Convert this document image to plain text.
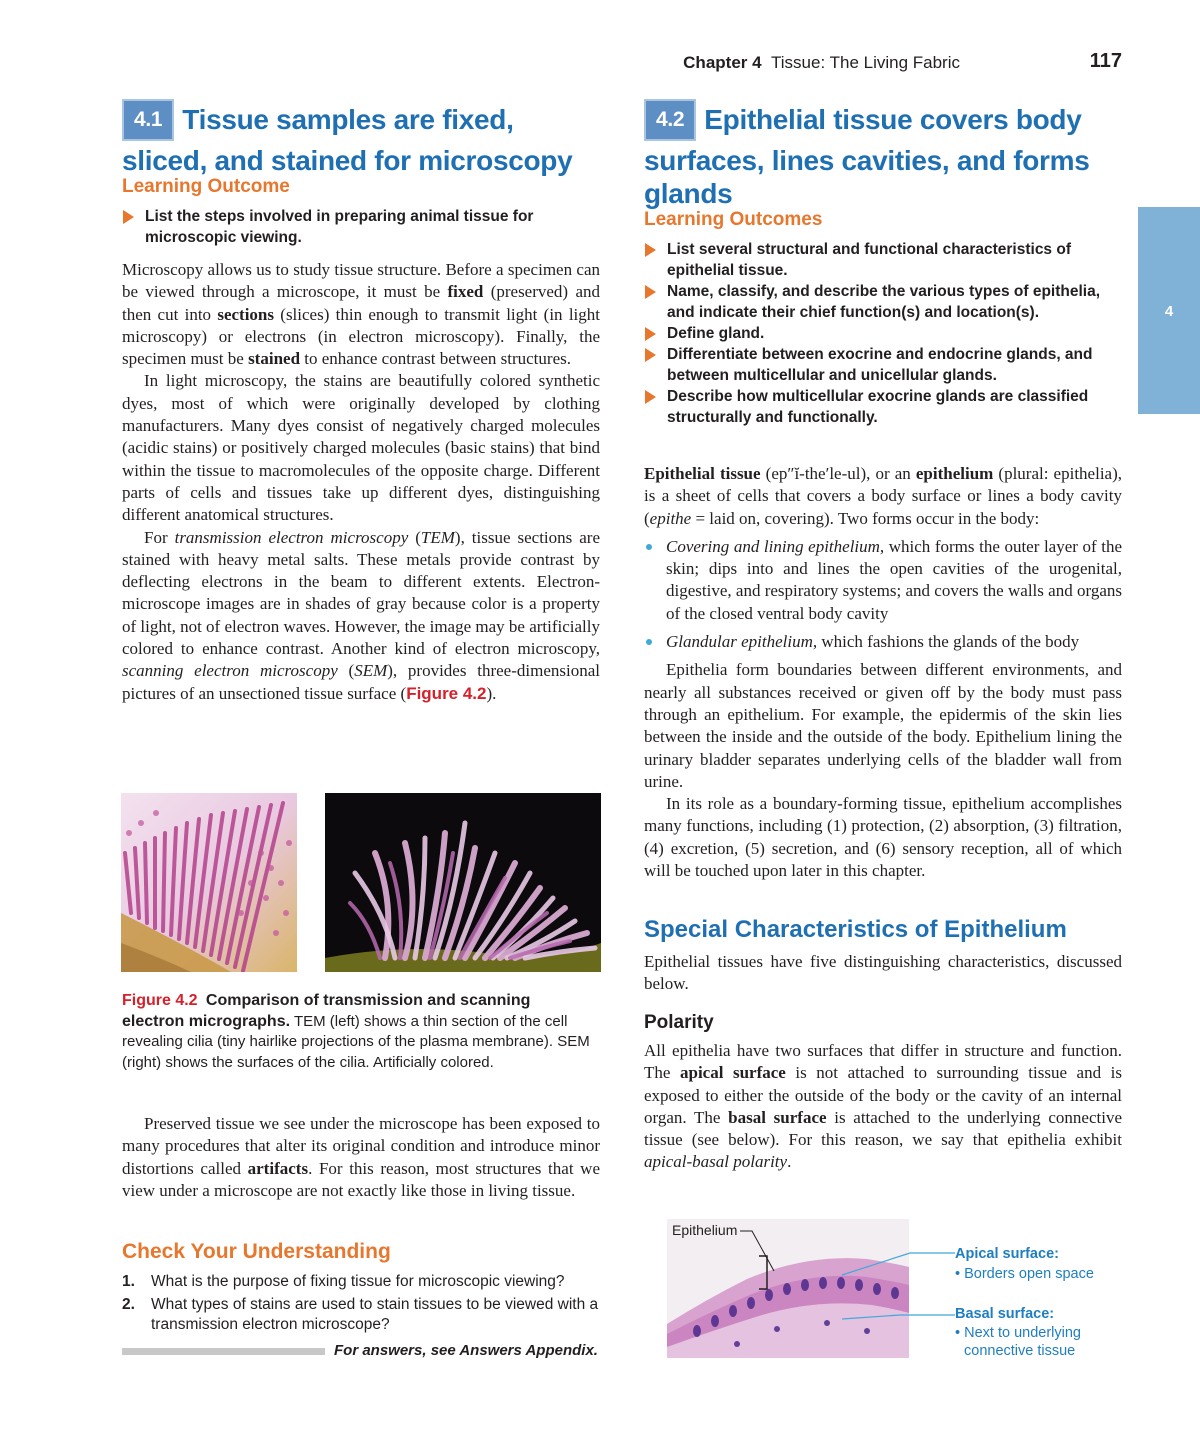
Chapter 4 Tissue: The Living Fabric	117
4
4.1 Tissue samples are fixed, sliced, and stained for microscopy
Learning Outcome
List the steps involved in preparing animal tissue for microscopic viewing.

Microscopy allows us to study tissue structure. Before a specimen can be viewed through a microscope, it must be fixed (preserved) and then cut into sections (slices) thin enough to transmit light (in light microscopy) or electrons (in electron microscopy). Finally, the specimen must be stained to enhance contrast between structures.

In light microscopy, the stains are beautifully colored synthetic dyes, most of which were originally developed by clothing manufacturers. Many dyes consist of negatively charged molecules (acidic stains) or positively charged molecules (basic stains) that bind within the tissue to macromolecules of the opposite charge. Different parts of cells and tissues take up different dyes, distinguishing different anatomical structures.

For transmission electron microscopy (TEM), tissue sections are stained with heavy metal salts. These metals provide contrast by deflecting electrons in the beam to different extents. Electron-microscope images are in shades of gray because color is a property of light, not of electron waves. However, the image may be artificially colored to enhance contrast. Another kind of electron microscopy, scanning electron microscopy (SEM), provides three-dimensional pictures of an unsectioned tissue surface (Figure 4.2).

Figure 4.2 Comparison of transmission and scanning electron micrographs. TEM (left) shows a thin section of the cell revealing cilia (tiny hairlike projections of the plasma membrane). SEM (right) shows the surfaces of the cilia. Artificially colored.

Preserved tissue we see under the microscope has been exposed to many procedures that alter its original condition and introduce minor distortions called artifacts. For this reason, most structures that we view under a microscope are not exactly like those in living tissue.

Check Your Understanding
1. What is the purpose of fixing tissue for microscopic viewing?
2. What types of stains are used to stain tissues to be viewed with a transmission electron microscope?
For answers, see Answers Appendix.
4.2 Epithelial tissue covers body surfaces, lines cavities, and forms glands
Learning Outcomes
List several structural and functional characteristics of epithelial tissue.
Name, classify, and describe the various types of epithelia, and indicate their chief function(s) and location(s).
Define gland.
Differentiate between exocrine and endocrine glands, and between multicellular and unicellular glands.
Describe how multicellular exocrine glands are classified structurally and functionally.

Epithelial tissue (ep″ĭ-the′le-ul), or an epithelium (plural: epithelia), is a sheet of cells that covers a body surface or lines a body cavity (epithe = laid on, covering). Two forms occur in the body:

Covering and lining epithelium, which forms the outer layer of the skin; dips into and lines the open cavities of the urogenital, digestive, and respiratory systems; and covers the walls and organs of the closed ventral body cavity

Glandular epithelium, which fashions the glands of the body

Epithelia form boundaries between different environments, and nearly all substances received or given off by the body must pass through an epithelium. For example, the epidermis of the skin lies between the inside and the outside of the body. Epithelium lining the urinary bladder separates underlying cells of the bladder wall from urine.

In its role as a boundary-forming tissue, epithelium accomplishes many functions, including (1) protection, (2) absorption, (3) filtration, (4) excretion, (5) secretion, and (6) sensory reception, all of which will be touched upon later in this chapter.

Special Characteristics of Epithelium
Epithelial tissues have five distinguishing characteristics, discussed below.
Polarity

All epithelia have two surfaces that differ in structure and function. The apical surface is not attached to surrounding tissue and is exposed to either the outside of the body or the cavity of an internal organ. The basal surface is attached to the underlying connective tissue (see below). For this reason, we say that epithelia exhibit apical-basal polarity.

Epithelium
Apical surface:
• Borders open space
Basal surface:
• Next to underlying connective tissue
